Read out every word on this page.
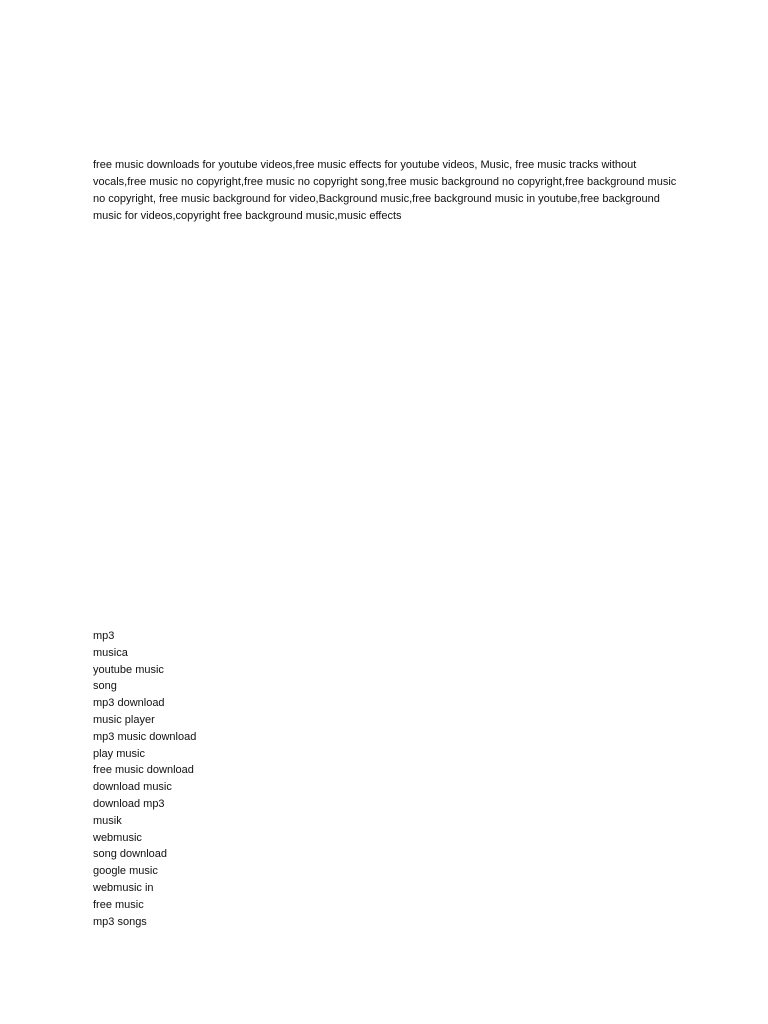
free music downloads for youtube videos,free music effects for youtube videos, Music, free music tracks without vocals,free music no copyright,free music no copyright song,free music background no copyright,free background music no copyright, free music background for video,Background music,free background music in youtube,free background music for videos,copyright free background music,music effects

mp3
musica
youtube music
song
mp3 download
music player
mp3 music download
play music
free music download
download music
download mp3
musik
webmusic
song download
google music
webmusic in
free music
mp3 songs
